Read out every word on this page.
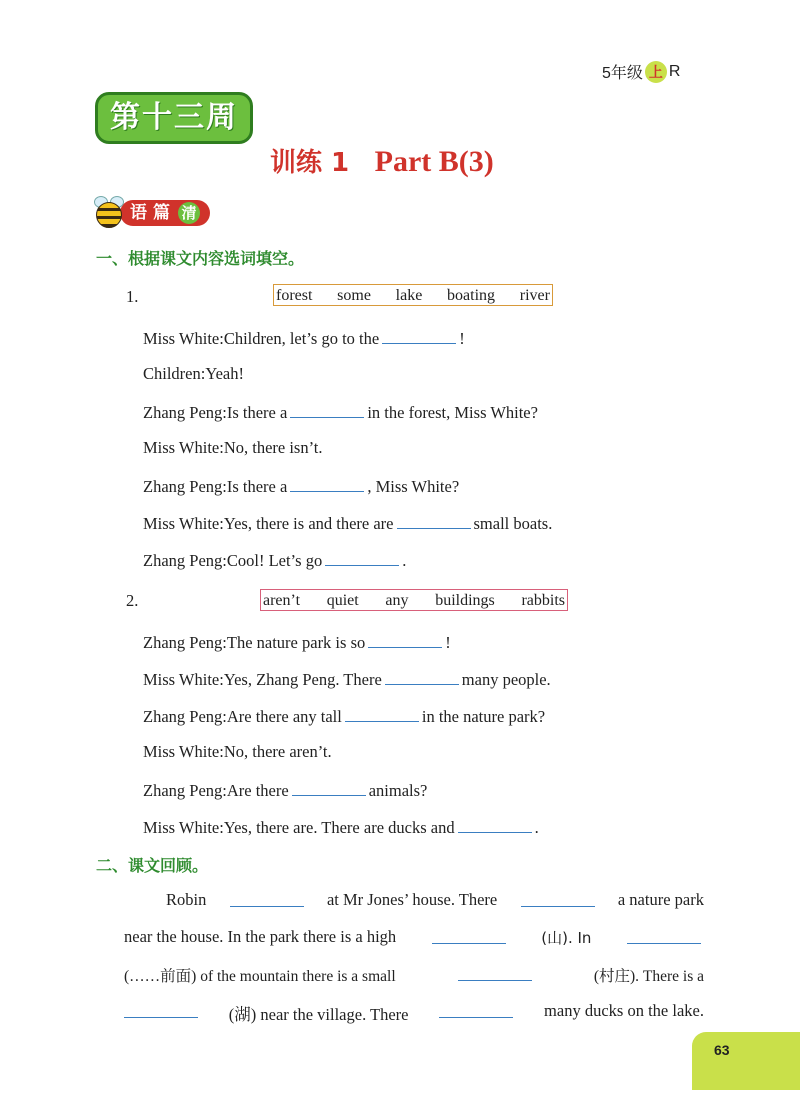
5年级 上 R
第十三周
训练 1 Part B(3)
语篇 清
一、根据课文内容选词填空。
1.	forest some lake boating river
Miss White:Children, let’s go to the	!
Children:Yeah!
Zhang Peng:Is there a	in the forest, Miss White?
Miss White:No, there isn’t.
Zhang Peng:Is there a	, Miss White?
Miss White:Yes, there is and there are	small boats.
Zhang Peng:Cool! Let’s go	.
2.	aren’t quiet any buildings rabbits
Zhang Peng:The nature park is so	!
Miss White:Yes, Zhang Peng. There	many people.
Zhang Peng:Are there any tall	in the nature park?
Miss White:No, there aren’t.
Zhang Peng:Are there	animals?
Miss White:Yes, there are. There are ducks and	.
二、课文回顾。
Robin	at Mr Jones’ house. There	a nature park
near the house. In the park there is a high	(山). In
(……前面) of the mountain there is a small	(村庄). There is a
(湖) near the village. There	many ducks on the lake.
63
